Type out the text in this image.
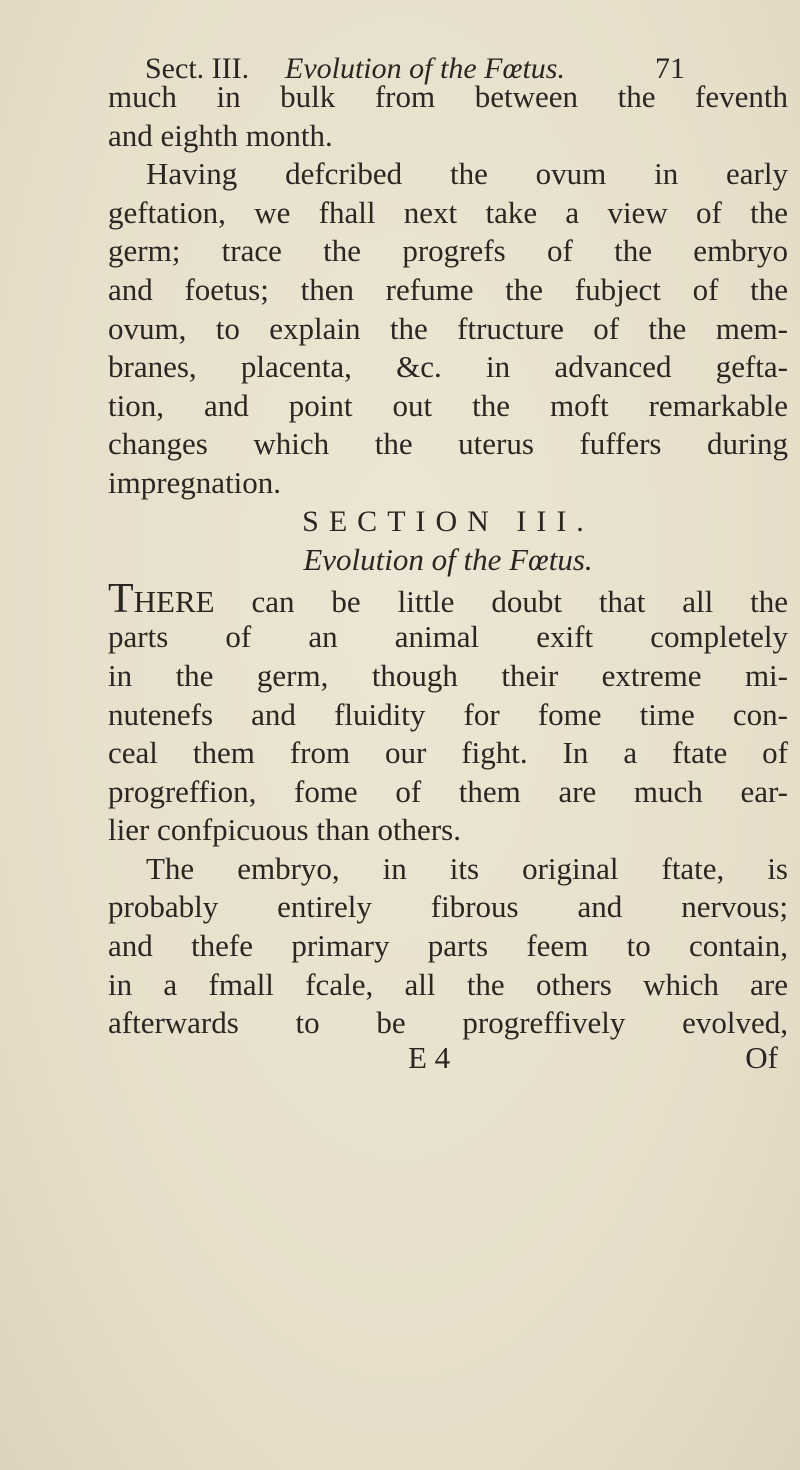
Sect. III. Evolution of the Fœtus.	71
much in bulk from between the feventh
and eighth month.
Having defcribed the ovum in early
geftation, we fhall next take a view of the
germ; trace the progrefs of the embryo
and foetus; then refume the fubject of the
ovum, to explain the ftructure of the mem-
branes, placenta, &c. in advanced gefta-
tion, and point out the moft remarkable
changes which the uterus fuffers during
impregnation.
SECTION III.
Evolution of the Fœtus.
THERE can be little doubt that all the
parts of an animal exift completely
in the germ, though their extreme mi-
nutenefs and fluidity for fome time con-
ceal them from our fight. In a ftate of
progreffion, fome of them are much ear-
lier confpicuous than others.
The embryo, in its original ftate, is
probably entirely fibrous and nervous;
and thefe primary parts feem to contain,
in a fmall fcale, all the others which are
afterwards to be progreffively evolved,
E 4	Of
